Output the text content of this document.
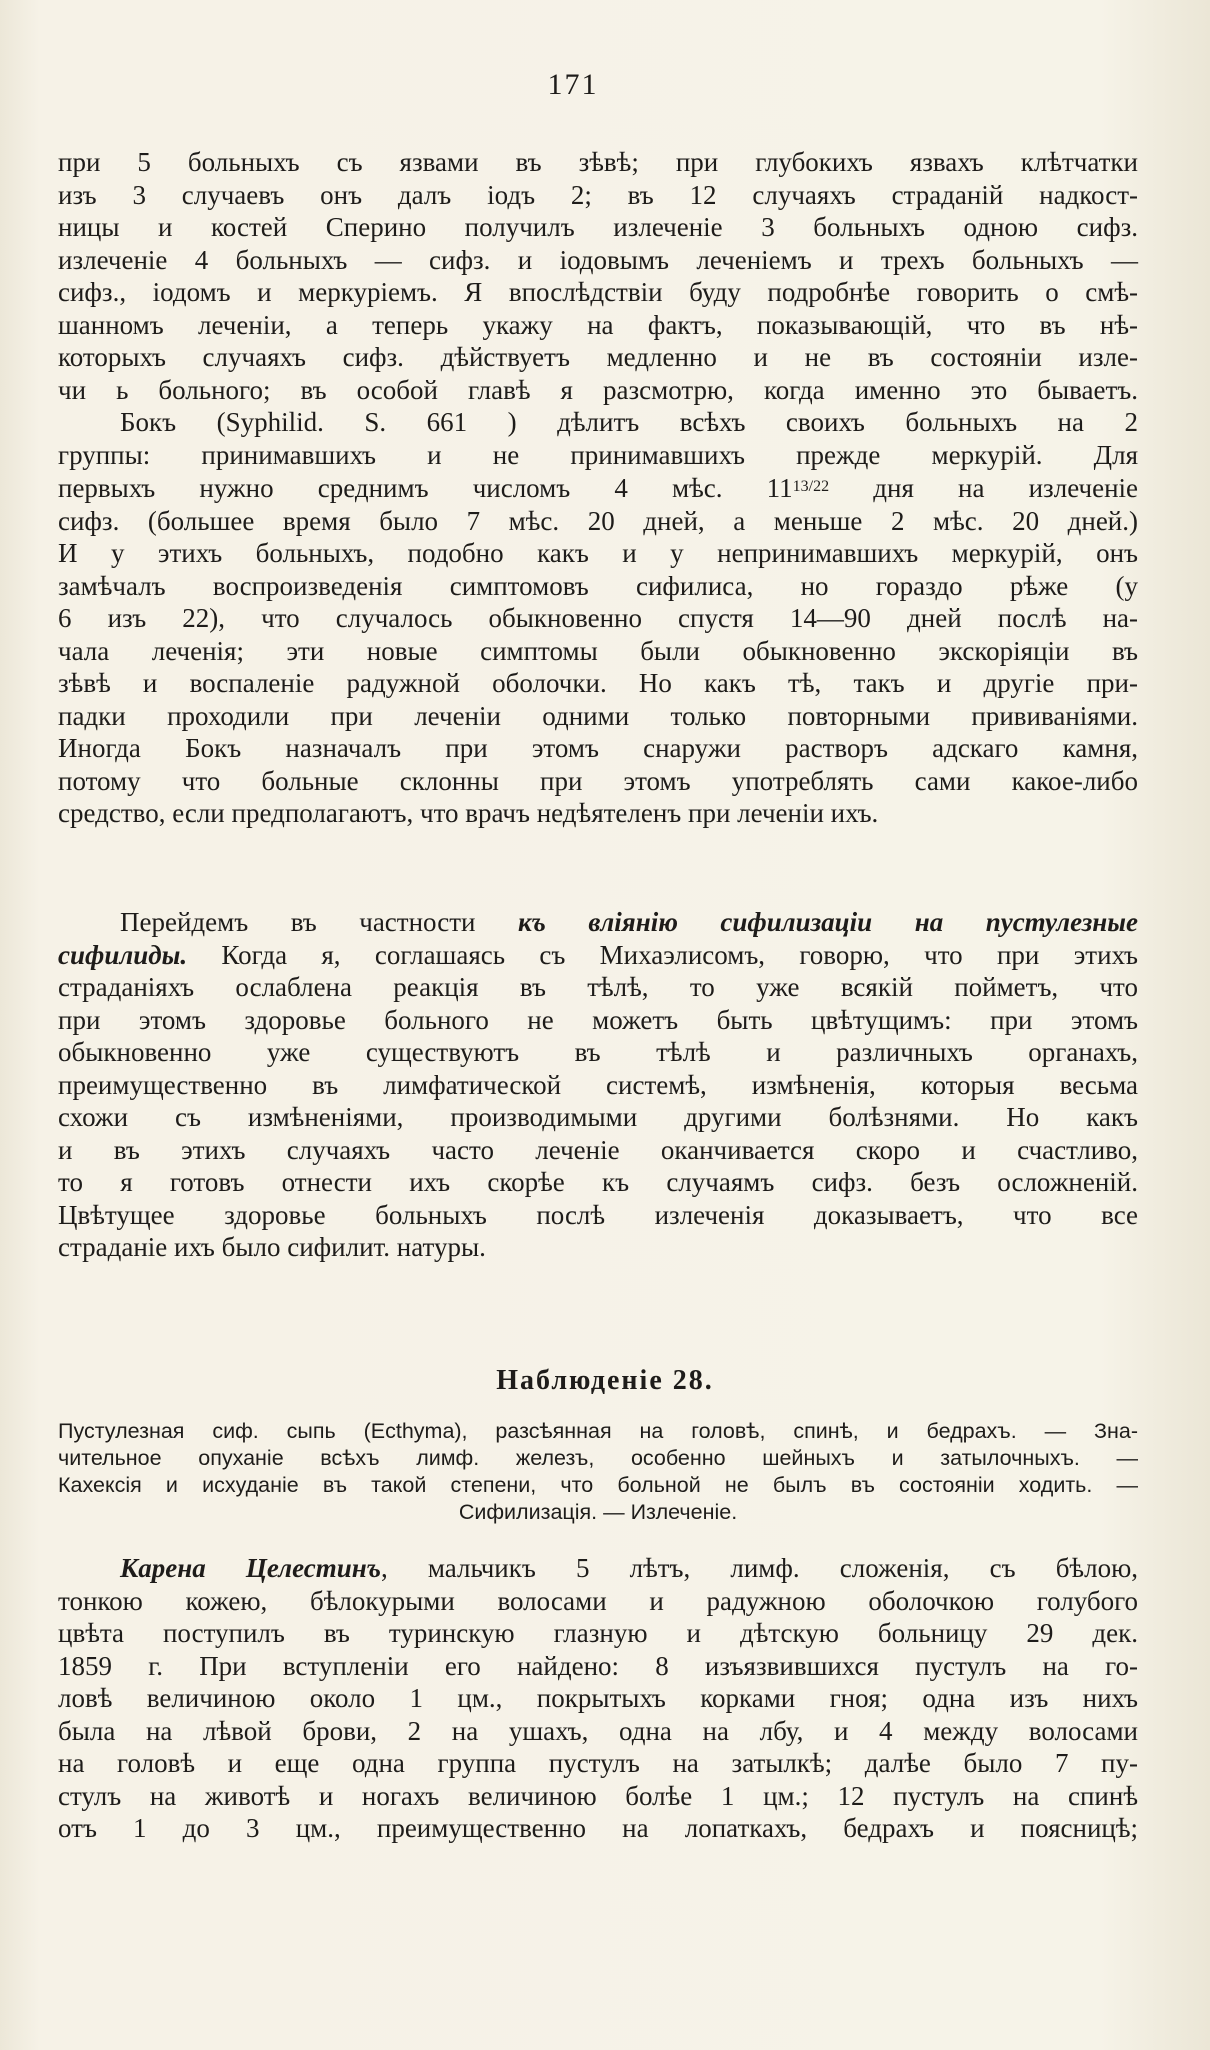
171

при 5 больныхъ съ язвами въ зѣвѣ; при глубокихъ язвахъ клѣтчатки

изъ 3 случаевъ онъ далъ іодъ 2; въ 12 случаяхъ страданій надкост-

ницы и костей Сперино получилъ излеченіе 3 больныхъ одною сифз.

излеченіе 4 больныхъ — сифз. и іодовымъ леченіемъ и трехъ больныхъ —

сифз., іодомъ и меркуріемъ. Я впослѣдствіи буду подробнѣе говорить о смѣ-

шанномъ леченіи, а теперь укажу на фактъ, показывающій, что въ нѣ-

которыхъ случаяхъ сифз. дѣйствуетъ медленно и не въ состояніи изле-

чи ь больного; въ особой главѣ я разсмотрю, когда именно это бываетъ.

Бокъ (Syphilid. S. 661 ) дѣлитъ всѣхъ своихъ больныхъ на 2

группы: принимавшихъ и не принимавшихъ прежде меркурій. Для

первыхъ нужно среднимъ числомъ 4 мѣс. 11$^{13/22}$ дня на излеченіе

сифз. (большее время было 7 мѣс. 20 дней, а меньше 2 мѣс. 20 дней.)

И у этихъ больныхъ, подобно какъ и у непринимавшихъ меркурій, онъ

замѣчалъ воспроизведенія симптомовъ сифилиса, но гораздо рѣже (у

6 изъ 22), что случалось обыкновенно спустя 14—90 дней послѣ на-

чала леченія; эти новые симптомы были обыкновенно экскоріяціи въ

зѣвѣ и воспаленіе радужной оболочки. Но какъ тѣ, такъ и другіе при-

падки проходили при леченіи одними только повторными прививаніями.

Иногда Бокъ назначалъ при этомъ снаружи растворъ адскаго камня,

потому что больные склонны при этомъ употреблять сами какое-либо

средство, если предполагаютъ, что врачъ недѣятеленъ при леченіи ихъ.

Перейдемъ въ частности къ вліянію сифилизаціи на пустулезные

сифилиды. Когда я, соглашаясь съ Михаэлисомъ, говорю, что при этихъ

страданіяхъ ослаблена реакція въ тѣлѣ, то уже всякій пойметъ, что

при этомъ здоровье больного не можетъ быть цвѣтущимъ: при этомъ

обыкновенно уже существуютъ въ тѣлѣ и различныхъ органахъ,

преимущественно въ лимфатической системѣ, измѣненія, которыя весьма

схожи съ измѣненіями, производимыми другими болѣзнями. Но какъ

и въ этихъ случаяхъ часто леченіе оканчивается скоро и счастливо,

то я готовъ отнести ихъ скорѣе къ случаямъ сифз. безъ осложненій.

Цвѣтущее здоровье больныхъ послѣ излеченія доказываетъ, что все

страданіе ихъ было сифилит. натуры.

Наблюденіе 28.

Пустулезная сиф. сыпь (Ecthyma), разсѣянная на головѣ, спинѣ, и бедрахъ. — Зна-

чительное опуханіе всѣхъ лимф. железъ, особенно шейныхъ и затылочныхъ. —

Кахексія и исхуданіе въ такой степени, что больной не былъ въ состояніи ходить. —

Сифилизація. — Излеченіе.

Карена Целестинъ, мальчикъ 5 лѣтъ, лимф. сложенія, съ бѣлою,

тонкою кожею, бѣлокурыми волосами и радужною оболочкою голубого

цвѣта поступилъ въ туринскую глазную и дѣтскую больницу 29 дек.

1859 г. При вступленіи его найдено: 8 изъязвившихся пустулъ на го-

ловѣ величиною около 1 цм., покрытыхъ корками гноя; одна изъ нихъ

была на лѣвой брови, 2 на ушахъ, одна на лбу, и 4 между волосами

на головѣ и еще одна группа пустулъ на затылкѣ; далѣе было 7 пу-

стулъ на животѣ и ногахъ величиною болѣе 1 цм.; 12 пустулъ на спинѣ

отъ 1 до 3 цм., преимущественно на лопаткахъ, бедрахъ и поясницѣ;
